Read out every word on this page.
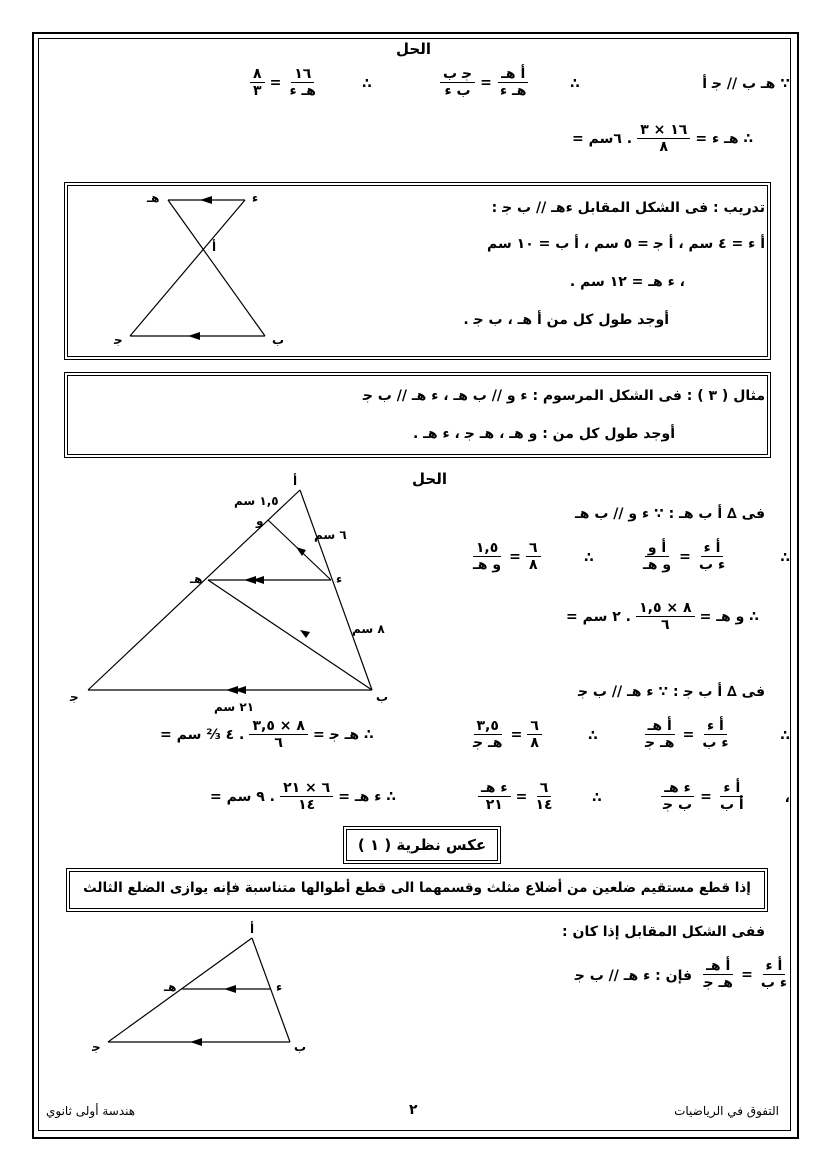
الحل
∵ هـ ب // ﺟ ﺃ
∴
$\frac{\text{ﺟ ب}}{\text{ب ء}} = \frac{\text{ﺃ هـ}}{\text{هـ ء}}$
∴
$\frac{٨}{٣} = \frac{١٦}{\text{هـ ء}}$
= ٦سم . $\frac{١٦ \times ٣}{٨}$ ∴ هـ ء =
تدريب : فى الشكل المقابل ءهـ // ب ﺟ :
ﺃ ء = ٤ سم ، ﺃ ﺟ = ٥ سم ، ﺃ ب = ١٠ سم
، ء هـ = ١٢ سم .
أوجد طول كل من ﺃ هـ ، ب ﺟ .
هـ	ء
ﺃ
ﺟ	ب
مثال ( ٣ ) : فى الشكل المرسوم : ء و // ب هـ ، ء هـ // ب ﺟ
أوجد طول كل من : و هـ ، هـ ﺟ ، ء هـ .
الحل
ﺃ
و
ء
هـ
ب
ﺟ
١,٥ سم
٦ سم
٨ سم
٢١ سم
فى ∆ ﺃ ب هـ : ∵ ء و // ب هـ
∴
$\frac{\text{ﺃ و}}{\text{و هـ}} = \frac{\text{ﺃ ء}}{\text{ء ب}}$
∴
$\frac{١,٥}{\text{و هـ}} = \frac{٦}{٨}$
= ٢ سم . $\frac{٨ \times ١,٥}{٦}$ ∴ و هـ =
فى ∆ ﺃ ب ﺟ : ∵ ء هـ // ب ﺟ
∴
$\frac{\text{ﺃ هـ}}{\text{هـ ﺟ}} = \frac{\text{ﺃ ء}}{\text{ء ب}}$
∴
$\frac{٣,٥}{\text{هـ ﺟ}} = \frac{٦}{٨}$
= ٤ ⅔ سم . $\frac{٨ \times ٣,٥}{٦}$ ∴ هـ ﺟ =
،
$\frac{\text{ء هـ}}{\text{ب ﺟ}} = \frac{\text{ﺃ ء}}{\text{ﺃ ب}}$
∴
$\frac{\text{ء هـ}}{٢١} = \frac{٦}{١٤}$
= ٩ سم . $\frac{٦ \times ٢١}{١٤}$ ∴ ء هـ =
عكس نظرية ( ١ )
إذا قطع مستقيم ضلعين من أضلاع مثلث وقسمهما الى قطع أطوالها متناسبة فإنه يوازى الضلع الثالث
ففى الشكل المقابل إذا كان :
$\frac{\text{ﺃ هـ}}{\text{هـ ﺟ}} = \frac{\text{ﺃ ء}}{\text{ء ب}}$
فإن : ء هـ // ب ﺟ
ﺃ
ء
هـ
ب
ﺟ
التفوق في الرياضيات
٢
هندسة أولى ثانوي
